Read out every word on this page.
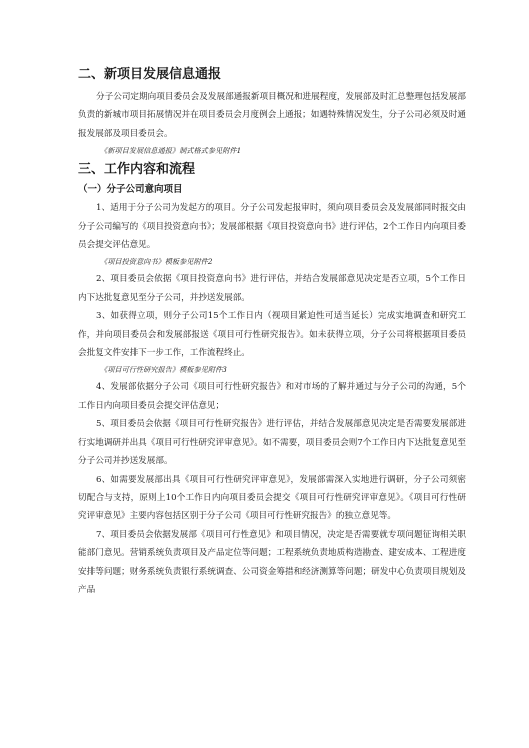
二、新项目发展信息通报

分子公司定期向项目委员会及发展部通报新项目概况和进展程度，发展部及时汇总整理包括发展部负责的新城市项目拓展情况并在项目委员会月度例会上通报；如遇特殊情况发生，分子公司必须及时通报发展部及项目委员会。

《新项目发展信息通报》制式格式参见附件1

三、工作内容和流程
（一）分子公司意向项目

1、适用于分子公司为发起方的项目。分子公司发起报审时，须向项目委员会及发展部同时报交由分子公司编写的《项目投资意向书》；发展部根据《项目投资意向书》进行评估，2个工作日内向项目委员会提交评估意见。

《项目投资意向书》模板参见附件2

2、项目委员会依据《项目投资意向书》进行评估，并结合发展部意见决定是否立项，5个工作日内下达批复意见至分子公司，并抄送发展部。

3、如获得立项，则分子公司15个工作日内（视项目紧迫性可适当延长）完成实地调查和研究工作，并向项目委员会和发展部报送《项目可行性研究报告》。如未获得立项，分子公司将根据项目委员会批复文件安排下一步工作，工作流程终止。

《项目可行性研究报告》模板参见附件3

4、发展部依据分子公司《项目可行性研究报告》和对市场的了解并通过与分子公司的沟通，5个工作日内向项目委员会提交评估意见；

5、项目委员会依据《项目可行性研究报告》进行评估，并结合发展部意见决定是否需要发展部进行实地调研并出具《项目可行性研究评审意见》。如不需要，项目委员会则7个工作日内下达批复意见至分子公司并抄送发展部。

6、如需要发展部出具《项目可行性研究评审意见》，发展部需深入实地进行调研，分子公司须密切配合与支持，原则上10个工作日内向项目委员会提交《项目可行性研究评审意见》。《项目可行性研究评审意见》主要内容包括区别于分子公司《项目可行性研究报告》的独立意见等。

7、项目委员会依据发展部《项目可行性意见》和项目情况，决定是否需要就专项问题征询相关职能部门意见。营销系统负责项目及产品定位等问题；工程系统负责地质构造勘查、建安成本、工程进度安排等问题；财务系统负责银行系统调查、公司资金筹措和经济测算等问题；研发中心负责项目规划及产品
